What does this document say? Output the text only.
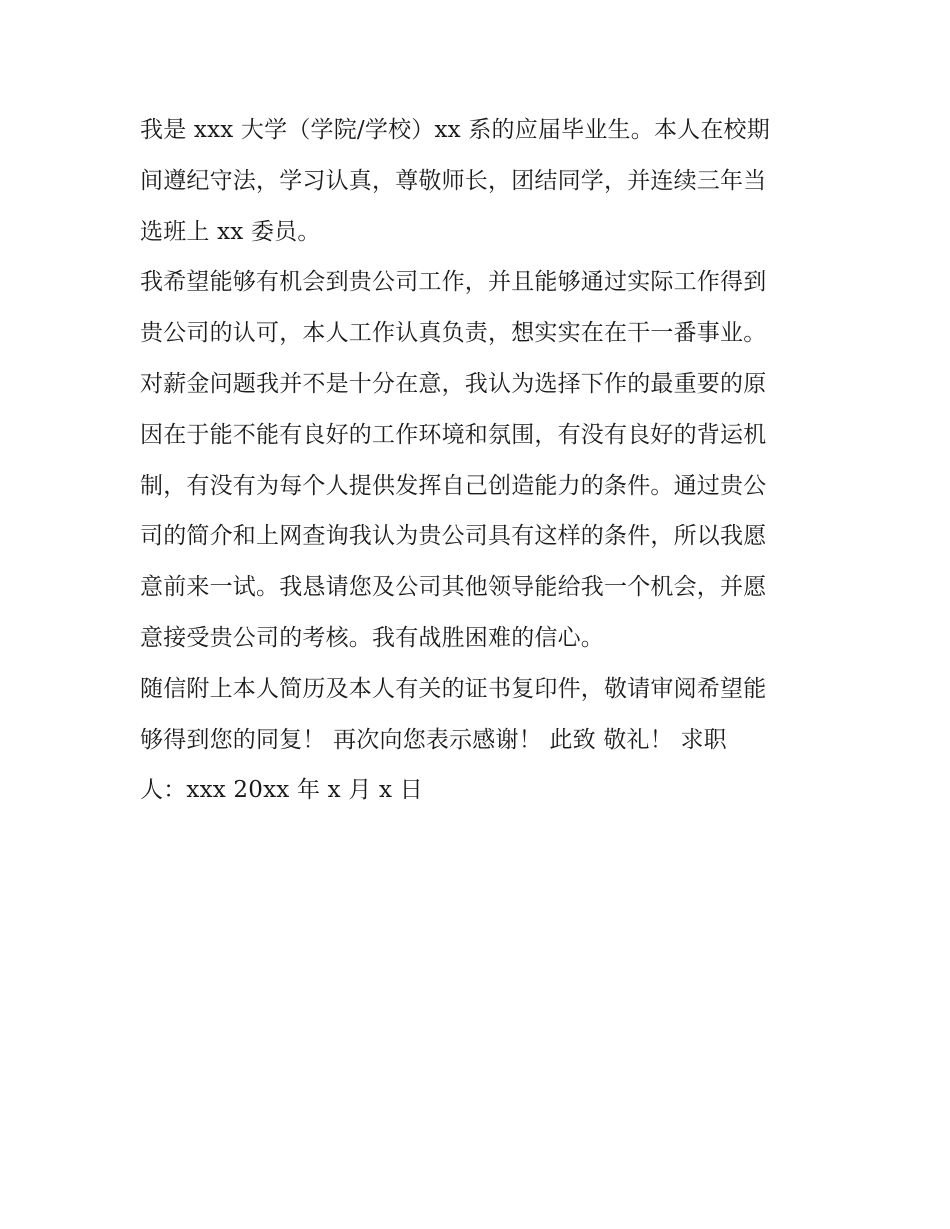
我是 xxx 大学（学院/学校）xx 系的应届毕业生。本人在校期
间遵纪守法，学习认真，尊敬师长，团结同学，并连续三年当
选班上 xx 委员。
我希望能够有机会到贵公司工作，并且能够通过实际工作得到
贵公司的认可，本人工作认真负责，想实实在在干一番事业。
对薪金问题我并不是十分在意，我认为选择下作的最重要的原
因在于能不能有良好的工作环境和氛围，有没有良好的背运机
制，有没有为每个人提供发挥自己创造能力的条件。通过贵公
司的简介和上网查询我认为贵公司具有这样的条件，所以我愿
意前来一试。我恳请您及公司其他领导能给我一个机会，并愿
意接受贵公司的考核。我有战胜困难的信心。
随信附上本人简历及本人有关的证书复印件，敬请审阅希望能
够得到您的同复！ 再次向您表示感谢！ 此致 敬礼！ 求职
人：xxx 20xx 年 x 月 x 日
